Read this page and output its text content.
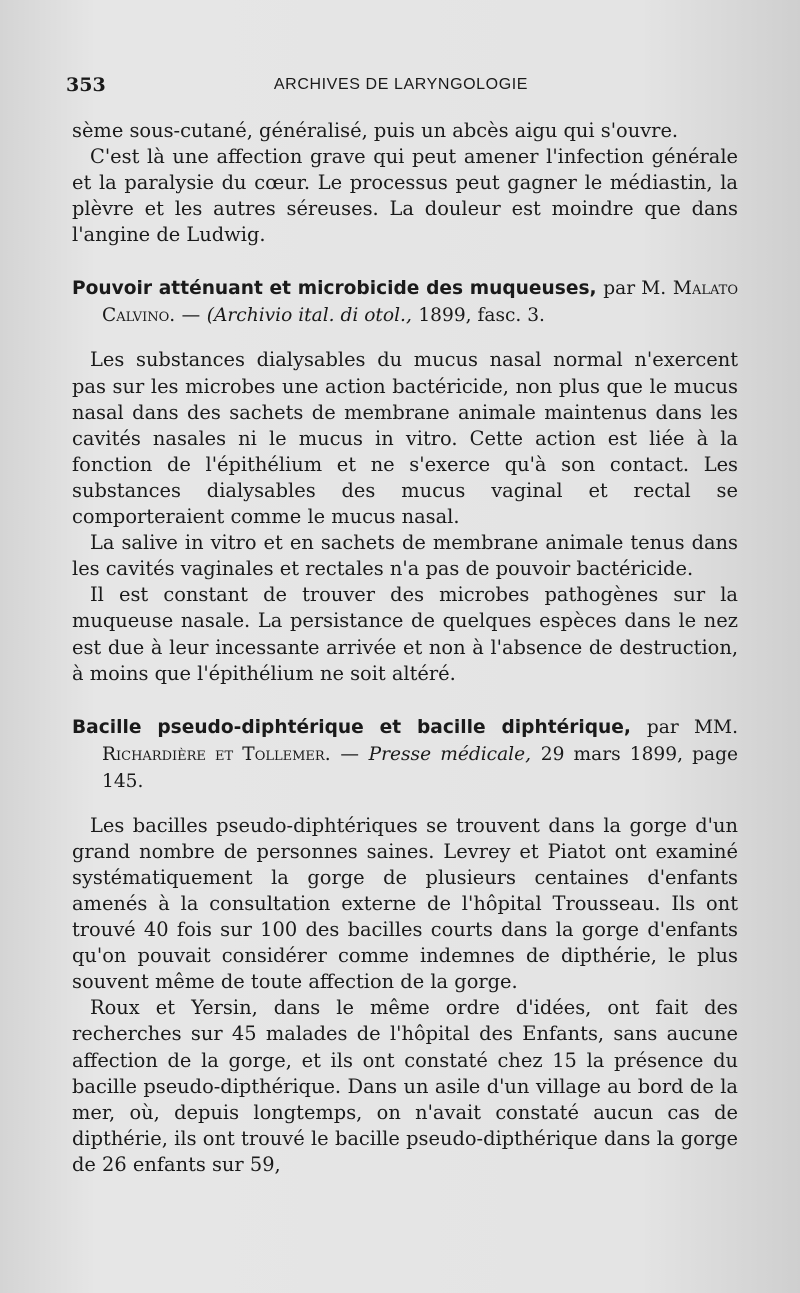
353	ARCHIVES DE LARYNGOLOGIE

sème sous-cutané, généralisé, puis un abcès aigu qui s'ouvre.

C'est là une affection grave qui peut amener l'infection générale et la paralysie du cœur. Le processus peut gagner le médiastin, la plèvre et les autres séreuses. La douleur est moindre que dans l'angine de Ludwig.

Pouvoir atténuant et microbicide des muqueuses, par M. Malato Calvino. — (Archivio ital. di otol., 1899, fasc. 3.

Les substances dialysables du mucus nasal normal n'exercent pas sur les microbes une action bactéricide, non plus que le mucus nasal dans des sachets de membrane animale maintenus dans les cavités nasales ni le mucus in vitro. Cette action est liée à la fonction de l'épithélium et ne s'exerce qu'à son contact. Les substances dialysables des mucus vaginal et rectal se comporteraient comme le mucus nasal.

La salive in vitro et en sachets de membrane animale tenus dans les cavités vaginales et rectales n'a pas de pouvoir bactéricide.

Il est constant de trouver des microbes pathogènes sur la muqueuse nasale. La persistance de quelques espèces dans le nez est due à leur incessante arrivée et non à l'absence de destruction, à moins que l'épithélium ne soit altéré.

Bacille pseudo-diphtérique et bacille diphtérique, par MM. Richardière et Tollemer. — Presse médicale, 29 mars 1899, page 145.

Les bacilles pseudo-diphtériques se trouvent dans la gorge d'un grand nombre de personnes saines. Levrey et Piatot ont examiné systématiquement la gorge de plusieurs centaines d'enfants amenés à la consultation externe de l'hôpital Trousseau. Ils ont trouvé 40 fois sur 100 des bacilles courts dans la gorge d'enfants qu'on pouvait considérer comme indemnes de dipthérie, le plus souvent même de toute affection de la gorge.

Roux et Yersin, dans le même ordre d'idées, ont fait des recherches sur 45 malades de l'hôpital des Enfants, sans aucune affection de la gorge, et ils ont constaté chez 15 la présence du bacille pseudo-dipthérique. Dans un asile d'un village au bord de la mer, où, depuis longtemps, on n'avait constaté aucun cas de dipthérie, ils ont trouvé le bacille pseudo-dipthérique dans la gorge de 26 enfants sur 59,
